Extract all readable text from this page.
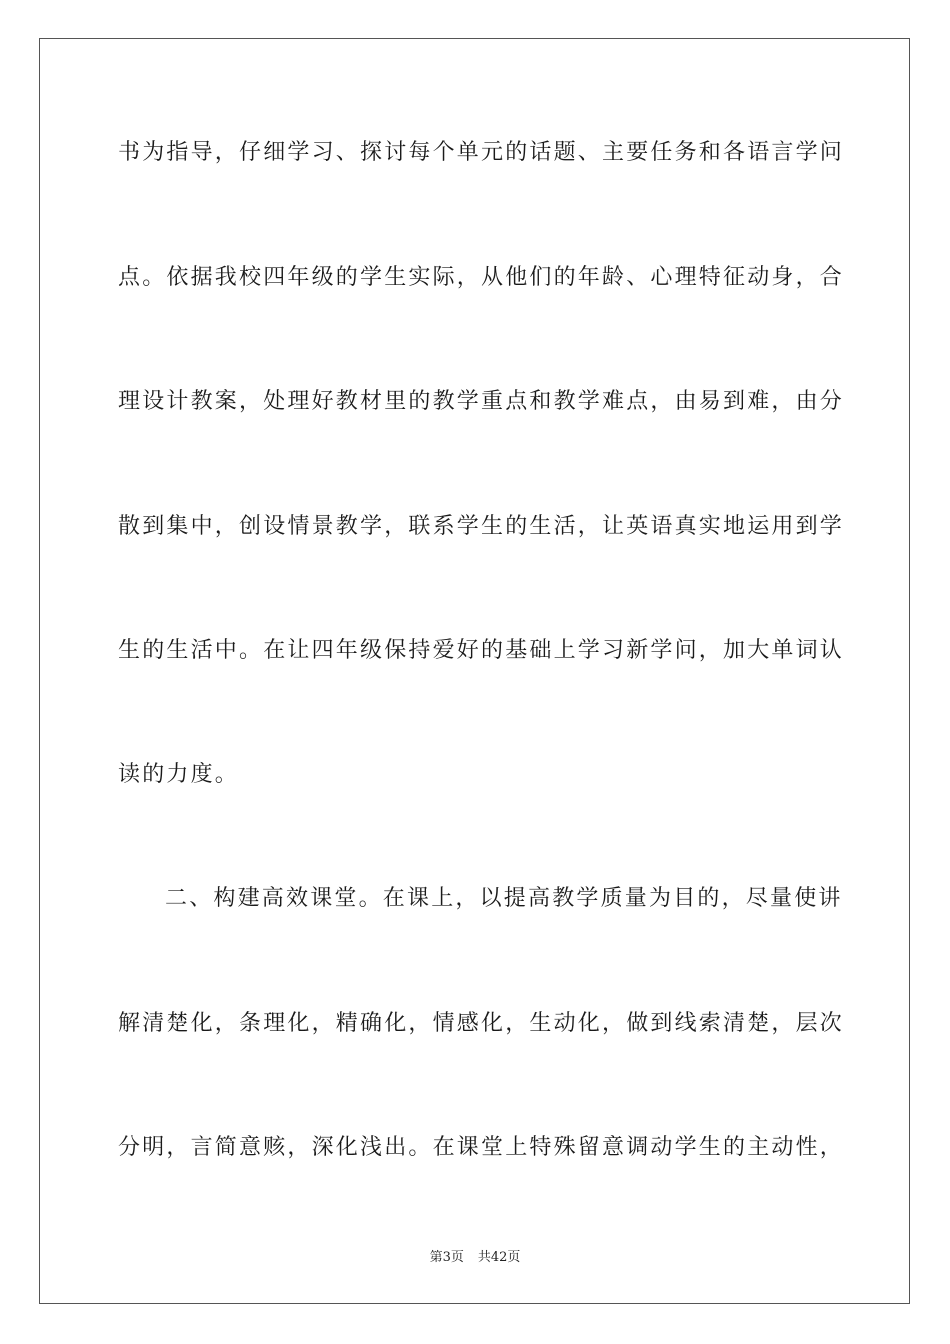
书为指导，仔细学习、探讨每个单元的话题、主要任务和各语言学问
点。依据我校四年级的学生实际，从他们的年龄、心理特征动身，合
理设计教案，处理好教材里的教学重点和教学难点，由易到难，由分
散到集中，创设情景教学，联系学生的生活，让英语真实地运用到学
生的生活中。在让四年级保持爱好的基础上学习新学问，加大单词认
读的力度。
二、构建高效课堂。在课上，以提高教学质量为目的，尽量使讲
解清楚化，条理化，精确化，情感化，生动化，做到线索清楚，层次
分明，言简意赅，深化浅出。在课堂上特殊留意调动学生的主动性，
第3页 共42页
